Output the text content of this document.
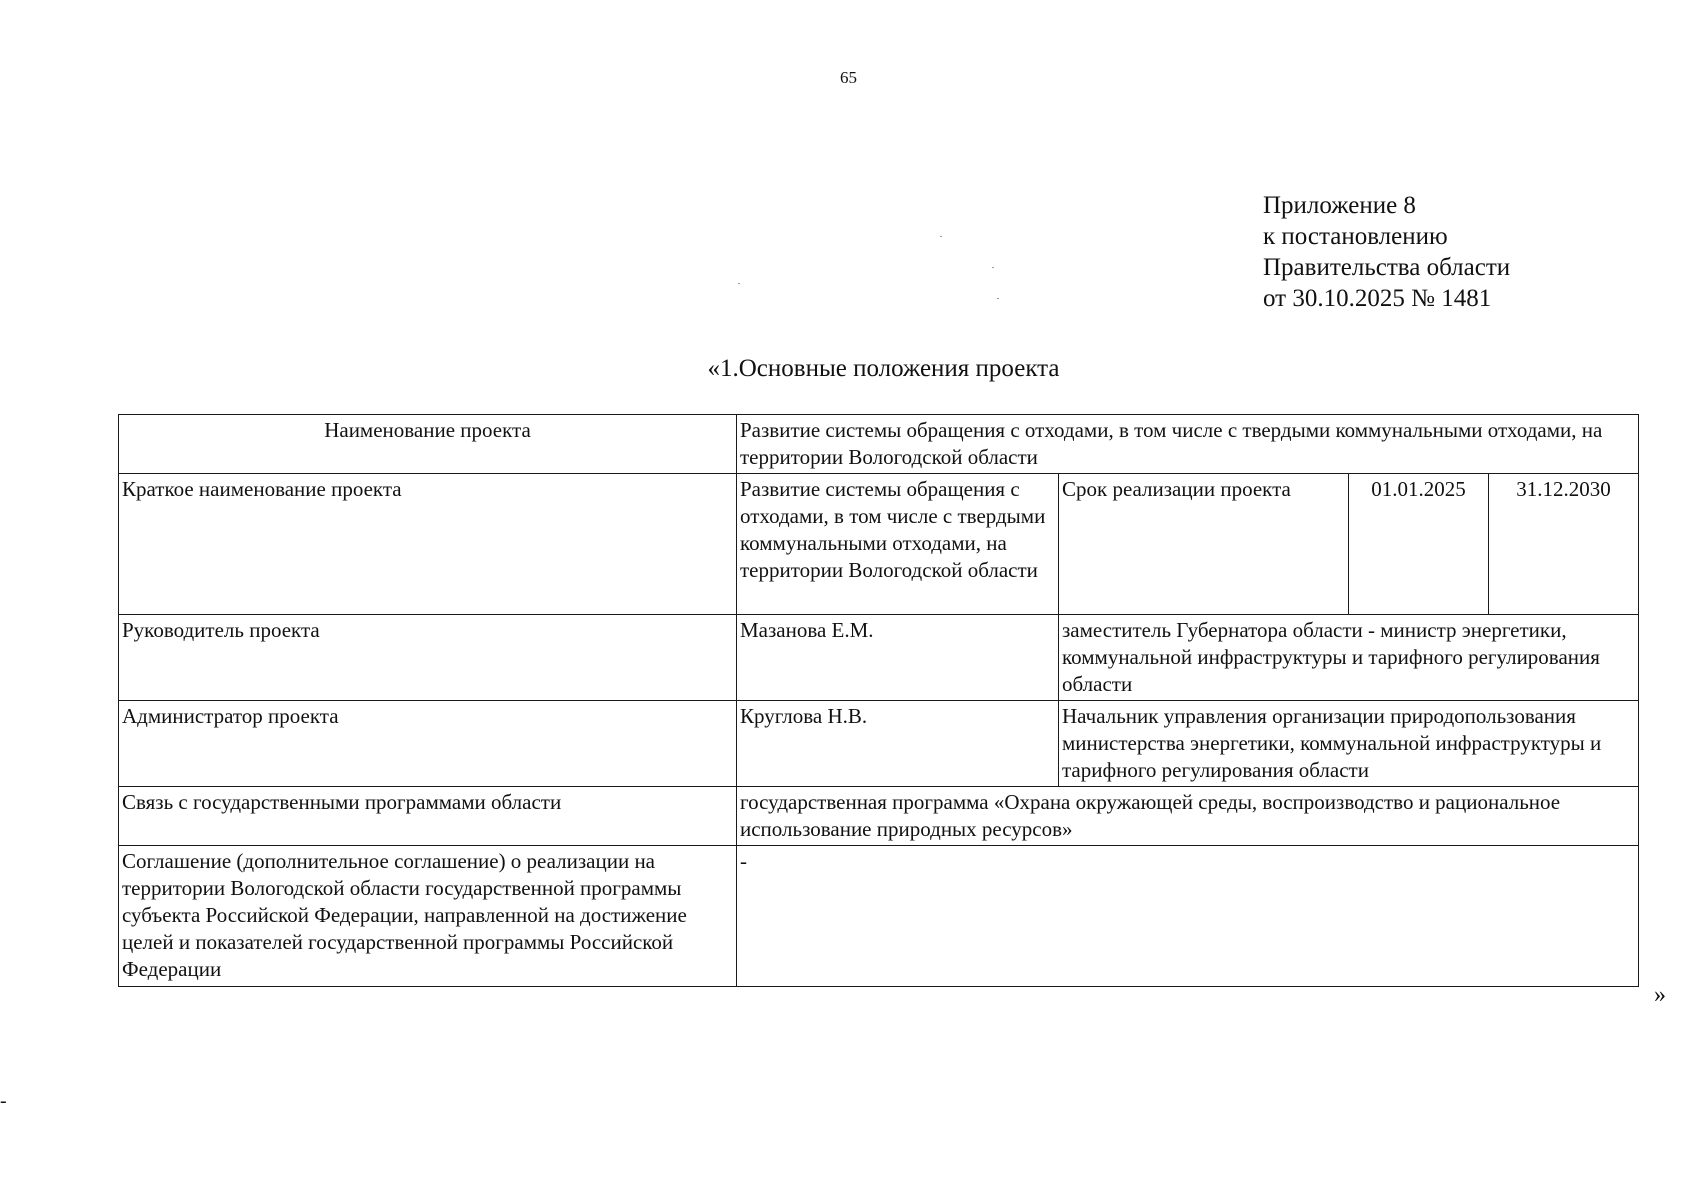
65
Приложение 8
к постановлению
Правительства области
от 30.10.2025 № 1481
«1.Основные положения проекта
Наименование проекта	Развитие системы обращения с отходами, в том числе с твердыми коммунальными отходами, на территории Вологодской области			
Краткое наименование проекта	Развитие системы обращения с отходами, в том числе с твердыми коммунальными отходами, на территории Вологодской области	Срок реализации проекта	01.01.2025	31.12.2030
Руководитель проекта	Мазанова Е.М.	заместитель Губернатора области - министр энергетики, коммунальной инфраструктуры и тарифного регулирования области		
Администратор проекта	Круглова Н.В.	Начальник управления организации природопользования министерства энергетики, коммунальной инфраструктуры и тарифного регулирования области		
Связь с государственными программами области	государственная программа «Охрана окружающей среды, воспроизводство и рациональное использование природных ресурсов»			
Соглашение (дополнительное соглашение) о реализации на территории Вологодской области государственной программы субъекта Российской Федерации, направленной на достижение целей и показателей государственной программы Российской Федерации	-			
»
-
